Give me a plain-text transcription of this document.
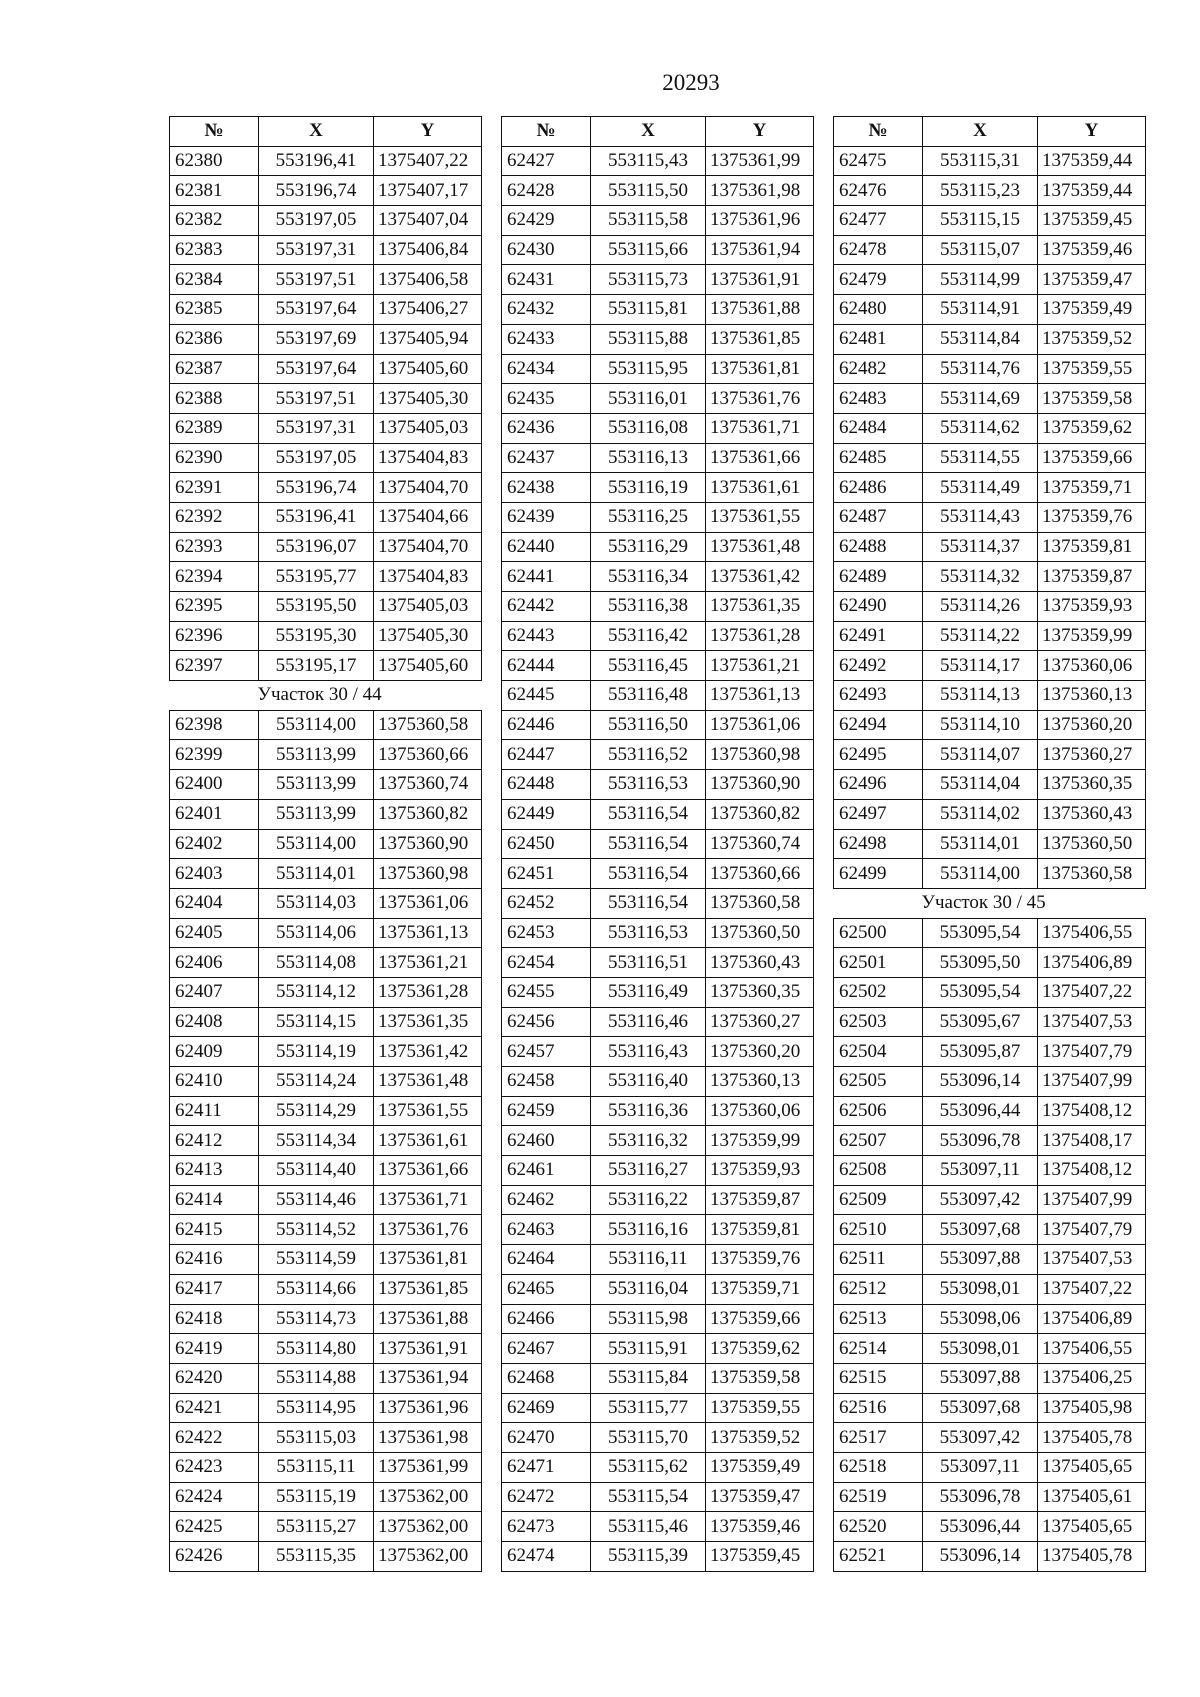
20293
№	X	Y
62380	553196,41	1375407,22
62381	553196,74	1375407,17
62382	553197,05	1375407,04
62383	553197,31	1375406,84
62384	553197,51	1375406,58
62385	553197,64	1375406,27
62386	553197,69	1375405,94
62387	553197,64	1375405,60
62388	553197,51	1375405,30
62389	553197,31	1375405,03
62390	553197,05	1375404,83
62391	553196,74	1375404,70
62392	553196,41	1375404,66
62393	553196,07	1375404,70
62394	553195,77	1375404,83
62395	553195,50	1375405,03
62396	553195,30	1375405,30
62397	553195,17	1375405,60
Участок 30 / 44		
62398	553114,00	1375360,58
62399	553113,99	1375360,66
62400	553113,99	1375360,74
62401	553113,99	1375360,82
62402	553114,00	1375360,90
62403	553114,01	1375360,98
62404	553114,03	1375361,06
62405	553114,06	1375361,13
62406	553114,08	1375361,21
62407	553114,12	1375361,28
62408	553114,15	1375361,35
62409	553114,19	1375361,42
62410	553114,24	1375361,48
62411	553114,29	1375361,55
62412	553114,34	1375361,61
62413	553114,40	1375361,66
62414	553114,46	1375361,71
62415	553114,52	1375361,76
62416	553114,59	1375361,81
62417	553114,66	1375361,85
62418	553114,73	1375361,88
62419	553114,80	1375361,91
62420	553114,88	1375361,94
62421	553114,95	1375361,96
62422	553115,03	1375361,98
62423	553115,11	1375361,99
62424	553115,19	1375362,00
62425	553115,27	1375362,00
62426	553115,35	1375362,00
№	X	Y
62427	553115,43	1375361,99
62428	553115,50	1375361,98
62429	553115,58	1375361,96
62430	553115,66	1375361,94
62431	553115,73	1375361,91
62432	553115,81	1375361,88
62433	553115,88	1375361,85
62434	553115,95	1375361,81
62435	553116,01	1375361,76
62436	553116,08	1375361,71
62437	553116,13	1375361,66
62438	553116,19	1375361,61
62439	553116,25	1375361,55
62440	553116,29	1375361,48
62441	553116,34	1375361,42
62442	553116,38	1375361,35
62443	553116,42	1375361,28
62444	553116,45	1375361,21
62445	553116,48	1375361,13
62446	553116,50	1375361,06
62447	553116,52	1375360,98
62448	553116,53	1375360,90
62449	553116,54	1375360,82
62450	553116,54	1375360,74
62451	553116,54	1375360,66
62452	553116,54	1375360,58
62453	553116,53	1375360,50
62454	553116,51	1375360,43
62455	553116,49	1375360,35
62456	553116,46	1375360,27
62457	553116,43	1375360,20
62458	553116,40	1375360,13
62459	553116,36	1375360,06
62460	553116,32	1375359,99
62461	553116,27	1375359,93
62462	553116,22	1375359,87
62463	553116,16	1375359,81
62464	553116,11	1375359,76
62465	553116,04	1375359,71
62466	553115,98	1375359,66
62467	553115,91	1375359,62
62468	553115,84	1375359,58
62469	553115,77	1375359,55
62470	553115,70	1375359,52
62471	553115,62	1375359,49
62472	553115,54	1375359,47
62473	553115,46	1375359,46
62474	553115,39	1375359,45
№	X	Y
62475	553115,31	1375359,44
62476	553115,23	1375359,44
62477	553115,15	1375359,45
62478	553115,07	1375359,46
62479	553114,99	1375359,47
62480	553114,91	1375359,49
62481	553114,84	1375359,52
62482	553114,76	1375359,55
62483	553114,69	1375359,58
62484	553114,62	1375359,62
62485	553114,55	1375359,66
62486	553114,49	1375359,71
62487	553114,43	1375359,76
62488	553114,37	1375359,81
62489	553114,32	1375359,87
62490	553114,26	1375359,93
62491	553114,22	1375359,99
62492	553114,17	1375360,06
62493	553114,13	1375360,13
62494	553114,10	1375360,20
62495	553114,07	1375360,27
62496	553114,04	1375360,35
62497	553114,02	1375360,43
62498	553114,01	1375360,50
62499	553114,00	1375360,58
Участок 30 / 45		
62500	553095,54	1375406,55
62501	553095,50	1375406,89
62502	553095,54	1375407,22
62503	553095,67	1375407,53
62504	553095,87	1375407,79
62505	553096,14	1375407,99
62506	553096,44	1375408,12
62507	553096,78	1375408,17
62508	553097,11	1375408,12
62509	553097,42	1375407,99
62510	553097,68	1375407,79
62511	553097,88	1375407,53
62512	553098,01	1375407,22
62513	553098,06	1375406,89
62514	553098,01	1375406,55
62515	553097,88	1375406,25
62516	553097,68	1375405,98
62517	553097,42	1375405,78
62518	553097,11	1375405,65
62519	553096,78	1375405,61
62520	553096,44	1375405,65
62521	553096,14	1375405,78
